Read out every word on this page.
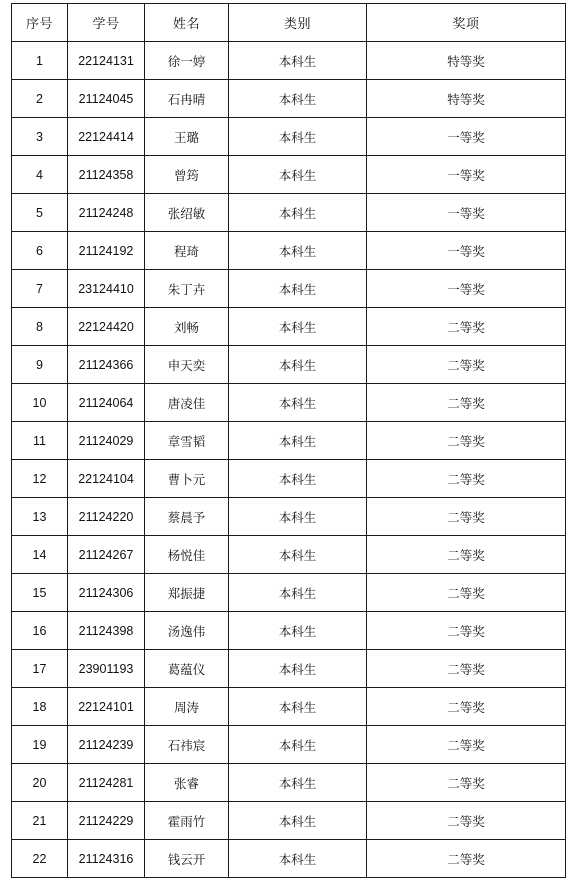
序号	学号	姓名	类别	奖项
1	22124131	徐一婷	本科生	特等奖
2	21124045	石冉晴	本科生	特等奖
3	22124414	王璐	本科生	一等奖
4	21124358	曾筠	本科生	一等奖
5	21124248	张绍敏	本科生	一等奖
6	21124192	程琦	本科生	一等奖
7	23124410	朱丁卉	本科生	一等奖
8	22124420	刘畅	本科生	二等奖
9	21124366	申天奕	本科生	二等奖
10	21124064	唐凌佳	本科生	二等奖
11	21124029	章雪韬	本科生	二等奖
12	22124104	曹卜元	本科生	二等奖
13	21124220	蔡晨予	本科生	二等奖
14	21124267	杨悦佳	本科生	二等奖
15	21124306	郑振捷	本科生	二等奖
16	21124398	汤逸伟	本科生	二等奖
17	23901193	葛蕴仪	本科生	二等奖
18	22124101	周涛	本科生	二等奖
19	21124239	石祎宸	本科生	二等奖
20	21124281	张睿	本科生	二等奖
21	21124229	霍雨竹	本科生	二等奖
22	21124316	钱云开	本科生	二等奖
